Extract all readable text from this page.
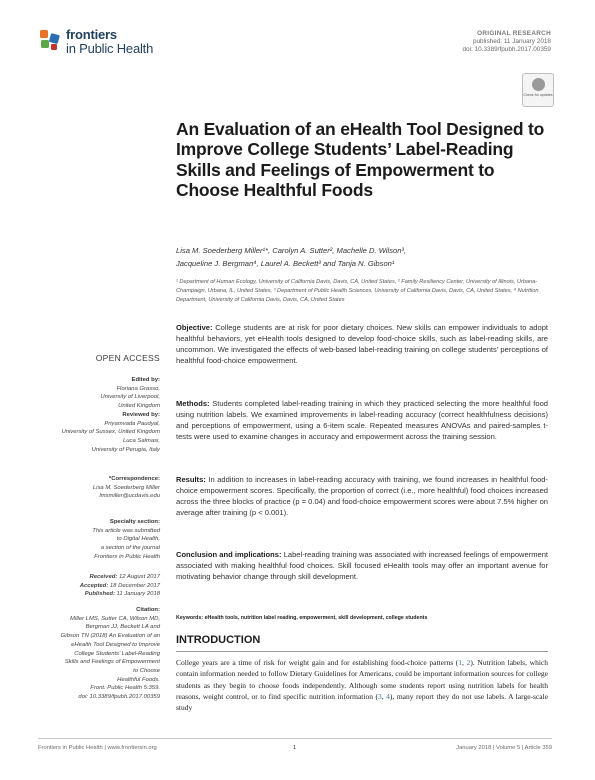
frontiers
in Public Health
ORIGINAL RESEARCH
published: 11 January 2018
doi: 10.3389/fpubh.2017.00359
Check for updates
An Evaluation of an eHealth Tool Designed to Improve College Students’ Label-Reading Skills and Feelings of Empowerment to Choose Healthful Foods
Lisa M. Soederberg Miller¹*, Carolyn A. Sutter², Machelle D. Wilson³,
Jacqueline J. Bergman⁴, Laurel A. Beckett³ and Tanja N. Gibson¹
¹ Department of Human Ecology, University of California Davis, Davis, CA, United States, ² Family Resiliency Center, University of Illinois, Urbana-Champaign, Urbana, IL, United States, ³ Department of Public Health Sciences, University of California Davis, Davis, CA, United States, ⁴ Nutrition Department, University of California Davis, Davis, CA, United States
OPEN ACCESS
Edited by:
Floriana Grasso,
University of Liverpool,
United Kingdom
Reviewed by:
Priyamvada Paudyal,
University of Sussex, United Kingdom
Luca Salmasi,
University of Perugia, Italy
*Correspondence:
Lisa M. Soederberg Miller
lmsmiller@ucdavis.edu
Specialty section:
This article was submitted
to Digital Health,
a section of the journal
Frontiers in Public Health
Received: 12 August 2017
Accepted: 18 December 2017
Published: 11 January 2018
Citation:
Miller LMS, Sutter CA, Wilson MD,
Bergman JJ, Beckett LA and
Gibson TN (2018) An Evaluation of an
eHealth Tool Designed to Improve
College Students’ Label-Reading
Skills and Feelings of Empowerment
to Choose
Healthful Foods.
Front. Public Health 5:359.
doi: 10.3389/fpubh.2017.00359
Objective: College students are at risk for poor dietary choices. New skills can empower individuals to adopt healthful behaviors, yet eHealth tools designed to develop food-choice skills, such as label-reading skills, are uncommon. We investigated the effects of web-based label-reading training on college students’ perceptions of healthful food-choice empowerment.
Methods: Students completed label-reading training in which they practiced selecting the more healthful food using nutrition labels. We examined improvements in label-reading accuracy (correct healthfulness decisions) and perceptions of empowerment, using a 6-item scale. Repeated measures ANOVAs and paired-samples t-tests were used to examine changes in accuracy and empowerment across the training session.
Results: In addition to increases in label-reading accuracy with training, we found increases in healthful food-choice empowerment scores. Specifically, the proportion of correct (i.e., more healthful) food choices increased across the three blocks of practice (p = 0.04) and food-choice empowerment scores were about 7.5% higher on average after training (p < 0.001).
Conclusion and implications: Label-reading training was associated with increased feelings of empowerment associated with making healthful food choices. Skill focused eHealth tools may offer an important avenue for motivating behavior change through skill development.
Keywords: eHealth tools, nutrition label reading, empowerment, skill development, college students
INTRODUCTION
College years are a time of risk for weight gain and for establishing food-choice patterns (1, 2). Nutrition labels, which contain information needed to follow Dietary Guidelines for Americans, could be important information sources for college students as they begin to choose foods independently. Although some students report using nutrition labels for health reasons, weight control, or to find specific nutrition information (3, 4), many report they do not use labels. A large-scale study
Frontiers in Public Health | www.frontiersin.org	1	January 2018 | Volume 5 | Article 359
